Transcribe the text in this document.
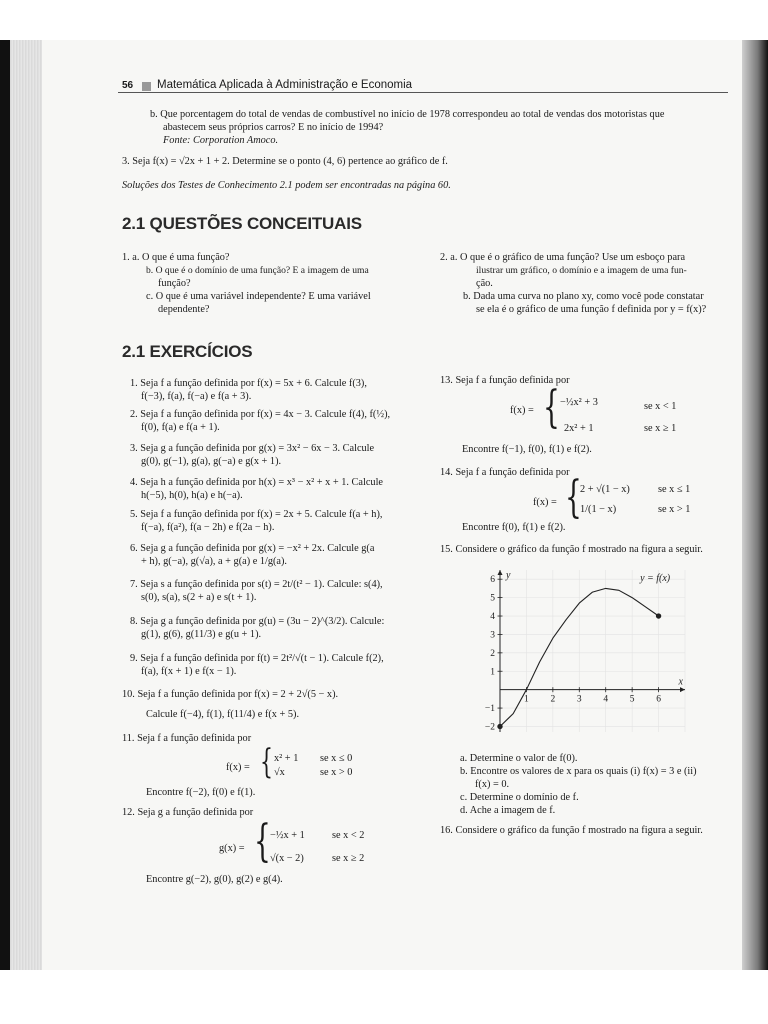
56 Matemática Aplicada à Administração e Economia
b. Que porcentagem do total de vendas de combustível no início de 1978 correspondeu ao total de vendas dos motoristas que
abastecem seus próprios carros? E no início de 1994?
Fonte: Corporation Amoco.
3. Seja f(x) = √2x + 1 + 2. Determine se o ponto (4, 6) pertence ao gráfico de f.
Soluções dos Testes de Conhecimento 2.1 podem ser encontradas na página 60.
2.1 QUESTÕES CONCEITUAIS
1. a. O que é uma função?
b. O que é o domínio de uma função? E a imagem de uma
função?
c. O que é uma variável independente? E uma variável
dependente?
2. a. O que é o gráfico de uma função? Use um esboço para
ilustrar um gráfico, o domínio e a imagem de uma fun-
ção.
b. Dada uma curva no plano xy, como você pode constatar
se ela é o gráfico de uma função f definida por y = f(x)?
2.1 EXERCÍCIOS
1. Seja f a função definida por f(x) = 5x + 6. Calcule f(3),
f(−3), f(a), f(−a) e f(a + 3).
2. Seja f a função definida por f(x) = 4x − 3. Calcule f(4), f(½),
f(0), f(a) e f(a + 1).
3. Seja g a função definida por g(x) = 3x² − 6x − 3. Calcule
g(0), g(−1), g(a), g(−a) e g(x + 1).
4. Seja h a função definida por h(x) = x³ − x² + x + 1. Calcule
h(−5), h(0), h(a) e h(−a).
5. Seja f a função definida por f(x) = 2x + 5. Calcule f(a + h),
f(−a), f(a²), f(a − 2h) e f(2a − h).
6. Seja g a função definida por g(x) = −x² + 2x. Calcule g(a
+ h), g(−a), g(√a), a + g(a) e 1/g(a).
7. Seja s a função definida por s(t) = 2t/(t² − 1). Calcule: s(4),
s(0), s(a), s(2 + a) e s(t + 1).
8. Seja g a função definida por g(u) = (3u − 2)^(3/2). Calcule:
g(1), g(6), g(11/3) e g(u + 1).
9. Seja f a função definida por f(t) = 2t²/√(t − 1). Calcule f(2),
f(a), f(x + 1) e f(x − 1).
10. Seja f a função definida por f(x) = 2 + 2√(5 − x).
Calcule f(−4), f(1), f(11/4) e f(x + 5).
11. Seja f a função definida por
f(x) = { x² + 1 se x ≤ 0
√x	se x > 0
Encontre f(−2), f(0) e f(1).
12. Seja g a função definida por
g(x) = { −½x + 1	se x < 2
√(x − 2)	se x ≥ 2
Encontre g(−2), g(0), g(2) e g(4).
13. Seja f a função definida por
f(x) = { −½x² + 3	se x < 1
2x² + 1	se x ≥ 1
Encontre f(−1), f(0), f(1) e f(2).
14. Seja f a função definida por
f(x) = {
2 + √(1 − x)	se x ≤ 1
1/(1 − x)	se x > 1
Encontre f(0), f(1) e f(2).
15. Considere o gráfico da função f mostrado na figura a seguir.
1 2 3 4 5 6
−2
−1
1
2
3
4
5
6
x
y	y = f(x)
a. Determine o valor de f(0).
b. Encontre os valores de x para os quais (i) f(x) = 3 e (ii)
f(x) = 0.
c. Determine o domínio de f.
d. Ache a imagem de f.
16. Considere o gráfico da função f mostrado na figura a seguir.
